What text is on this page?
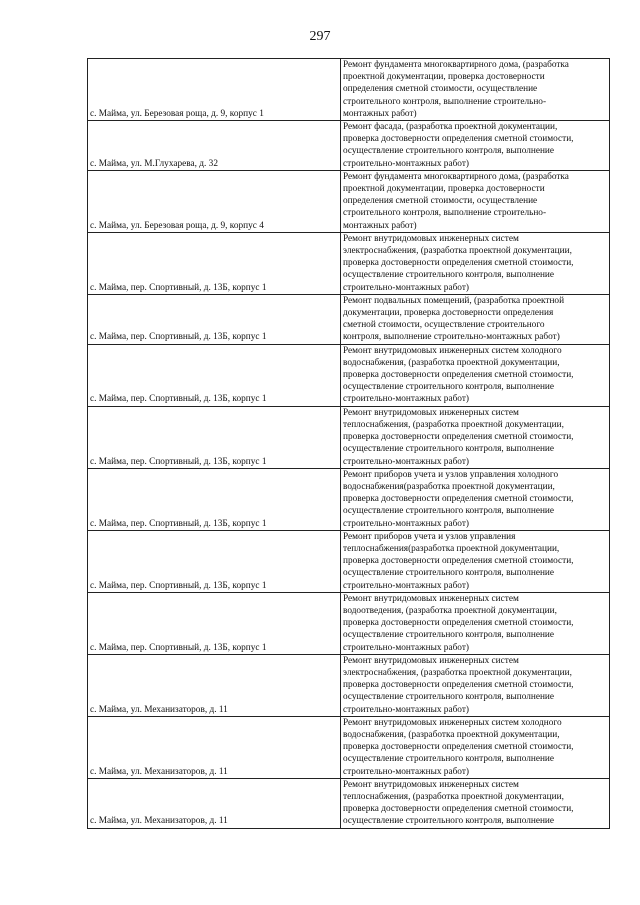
297
с. Майма, ул. Березовая роща, д. 9, корпус 1	Ремонт фундамента многоквартирного дома, (разработка
проектной документации, проверка достоверности
определения сметной стоимости, осуществление
строительного контроля, выполнение строительно-
монтажных работ)

с. Майма, ул. М.Глухарева, д. 32	Ремонт фасада, (разработка проектной документации,
проверка достоверности определения сметной стоимости,
осуществление строительного контроля, выполнение
строительно-монтажных работ)

с. Майма, ул. Березовая роща, д. 9, корпус 4	Ремонт фундамента многоквартирного дома, (разработка
проектной документации, проверка достоверности
определения сметной стоимости, осуществление
строительного контроля, выполнение строительно-
монтажных работ)

с. Майма, пер. Спортивный, д. 13Б, корпус 1	Ремонт внутридомовых инженерных систем
электроснабжения, (разработка проектной документации,
проверка достоверности определения сметной стоимости,
осуществление строительного контроля, выполнение
строительно-монтажных работ)

с. Майма, пер. Спортивный, д. 13Б, корпус 1	Ремонт подвальных помещений, (разработка проектной
документации, проверка достоверности определения
сметной стоимости, осуществление строительного
контроля, выполнение строительно-монтажных работ)

с. Майма, пер. Спортивный, д. 13Б, корпус 1	Ремонт внутридомовых инженерных систем холодного
водоснабжения, (разработка проектной документации,
проверка достоверности определения сметной стоимости,
осуществление строительного контроля, выполнение
строительно-монтажных работ)

с. Майма, пер. Спортивный, д. 13Б, корпус 1	Ремонт внутридомовых инженерных систем
теплоснабжения, (разработка проектной документации,
проверка достоверности определения сметной стоимости,
осуществление строительного контроля, выполнение
строительно-монтажных работ)

с. Майма, пер. Спортивный, д. 13Б, корпус 1	Ремонт приборов учета и узлов управления холодного
водоснабжения(разработка проектной документации,
проверка достоверности определения сметной стоимости,
осуществление строительного контроля, выполнение
строительно-монтажных работ)

с. Майма, пер. Спортивный, д. 13Б, корпус 1	Ремонт приборов учета и узлов управления
теплоснабжения(разработка проектной документации,
проверка достоверности определения сметной стоимости,
осуществление строительного контроля, выполнение
строительно-монтажных работ)

с. Майма, пер. Спортивный, д. 13Б, корпус 1	Ремонт внутридомовых инженерных систем
водоотведения, (разработка проектной документации,
проверка достоверности определения сметной стоимости,
осуществление строительного контроля, выполнение
строительно-монтажных работ)

с. Майма, ул. Механизаторов, д. 11	Ремонт внутридомовых инженерных систем
электроснабжения, (разработка проектной документации,
проверка достоверности определения сметной стоимости,
осуществление строительного контроля, выполнение
строительно-монтажных работ)

с. Майма, ул. Механизаторов, д. 11	Ремонт внутридомовых инженерных систем холодного
водоснабжения, (разработка проектной документации,
проверка достоверности определения сметной стоимости,
осуществление строительного контроля, выполнение
строительно-монтажных работ)

с. Майма, ул. Механизаторов, д. 11	Ремонт внутридомовых инженерных систем
теплоснабжения, (разработка проектной документации,
проверка достоверности определения сметной стоимости,
осуществление строительного контроля, выполнение
